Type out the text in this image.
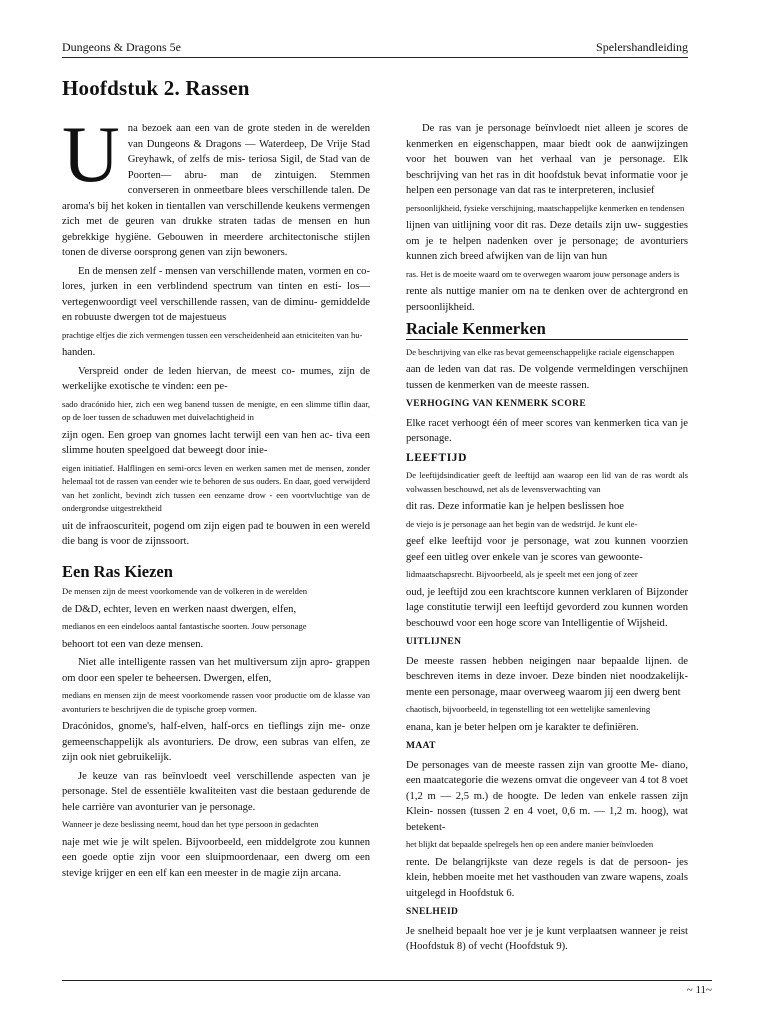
Dungeons & Dragons 5e	Spelershandleiding
Hoofdstuk 2. Rassen
U na bezoek aan een van de grote steden in de werelden van Dungeons & Dragons — Waterdeep, De Vrije Stad Greyhawk, of zelfs de mis- teriosa Sigil, de Stad van de Poorten— abru- man de zintuigen. Stemmen converseren in onmeetbare blees verschillende talen. De aroma's bij het koken in tientallen van verschillende keukens vermengen zich met de geuren van drukke straten tadas de mensen en hun gebrekkige hygiëne. Gebouwen in meerdere architectonische stijlen tonen de diverse oorsprong genen van zijn bewoners.

En de mensen zelf - mensen van verschillende maten, vormen en co- lores, jurken in een verblindend spectrum van tinten en esti- los— vertegenwoordigt veel verschillende rassen, van de diminu- gemiddelde en robuuste dwergen tot de majestueus

prachtige elfjes die zich vermengen tussen een verscheidenheid aan etniciteiten van hu-

handen.

Verspreid onder de leden hiervan, de meest co- mumes, zijn de werkelijke exotische te vinden: een pe-

sado dracónido hier, zich een weg banend tussen de menigte, en een slimme tiflin daar, op de loer tussen de schaduwen met duivelachtigheid in

zijn ogen. Een groep van gnomes lacht terwijl een van hen ac- tiva een slimme houten speelgoed dat beweegt door inie-

eigen initiatief. Halflingen en semi-orcs leven en werken samen met de mensen, zonder helemaal tot de rassen van eender wie te behoren de sus ouders. En daar, goed verwijderd van het zonlicht, bevindt zich tussen een eenzame drow - een voortvluchtige van de ondergrondse uitgestrektheid

uit de infraoscuriteit, pogend om zijn eigen pad te bouwen in een wereld die bang is voor de zijnssoort.

Een Ras Kiezen

De mensen zijn de meest voorkomende van de volkeren in de werelden

de D&D, echter, leven en werken naast dwergen, elfen,

medianos en een eindeloos aantal fantastische soorten. Jouw personage

behoort tot een van deze mensen.

Niet alle intelligente rassen van het multiversum zijn apro- grappen om door een speler te beheersen. Dwergen, elfen,

medians en mensen zijn de meest voorkomende rassen voor productie om de klasse van avonturiers te beschrijven die de typische groep vormen.

Dracónidos, gnome's, half-elven, half-orcs en tieflings zijn me- onze gemeenschappelijk als avonturiers. De drow, een subras van elfen, ze zijn ook niet gebruikelijk.

Je keuze van ras beïnvloedt veel verschillende aspecten van je personage. Stel de essentiële kwaliteiten vast die bestaan gedurende de hele carrière van avonturier van je personage.

Wanneer je deze beslissing neemt, houd dan het type persoon in gedachten

naje met wie je wilt spelen. Bijvoorbeeld, een middelgrote zou kunnen een goede optie zijn voor een sluipmoordenaar, een dwerg om een stevige krijger en een elf kan een meester in de magie zijn arcana.

De ras van je personage beïnvloedt niet alleen je scores de kenmerken en eigenschappen, maar biedt ook de aanwijzingen voor het bouwen van het verhaal van je personage. Elk beschrijving van het ras in dit hoofdstuk bevat informatie voor je helpen een personage van dat ras te interpreteren, inclusief

persoonlijkheid, fysieke verschijning, maatschappelijke kenmerken en tendensen

lijnen van uitlijning voor dit ras. Deze details zijn uw- suggesties om je te helpen nadenken over je personage; de avonturiers kunnen zich breed afwijken van de lijn van hun

ras. Het is de moeite waard om te overwegen waarom jouw personage anders is

rente als nuttige manier om na te denken over de achtergrond en persoonlijkheid.

Raciale Kenmerken

De beschrijving van elke ras bevat gemeenschappelijke raciale eigenschappen

aan de leden van dat ras. De volgende vermeldingen verschijnen tussen de kenmerken van de meeste rassen.

VERHOGING VAN KENMERK SCORE

Elke racet verhoogt één of meer scores van kenmerken tica van je personage.

LEEFTIJD

De leeftijdsindicatier geeft de leeftijd aan waarop een lid van de ras wordt als volwassen beschouwd, net als de levensverwachting van

dit ras. Deze informatie kan je helpen beslissen hoe

de viejo is je personage aan het begin van de wedstrijd. Je kunt ele-

geef elke leeftijd voor je personage, wat zou kunnen voorzien geef een uitleg over enkele van je scores van gewoonte-

lidmaatschapsrecht. Bijvoorbeeld, als je speelt met een jong of zeer

oud, je leeftijd zou een krachtscore kunnen verklaren of Bijzonder lage constitutie terwijl een leeftijd gevorderd zou kunnen worden beschouwd voor een hoge score van Intelligentie of Wijsheid.

UITLIJNEN

De meeste rassen hebben neigingen naar bepaalde lijnen. de beschreven items in deze invoer. Deze binden niet noodzakelijk- mente een personage, maar overweeg waarom jij een dwerg bent

chaotisch, bijvoorbeeld, in tegenstelling tot een wettelijke samenleving

enana, kan je beter helpen om je karakter te definiëren.

MAAT

De personages van de meeste rassen zijn van grootte Me- diano, een maatcategorie die wezens omvat die ongeveer van 4 tot 8 voet (1,2 m — 2,5 m.) de hoogte. De leden van enkele rassen zijn Klein- nossen (tussen 2 en 4 voet, 0,6 m. — 1,2 m. hoog), wat betekent-

het blijkt dat bepaalde spelregels hen op een andere manier beïnvloeden

rente. De belangrijkste van deze regels is dat de persoon- jes klein, hebben moeite met het vasthouden van zware wapens, zoals uitgelegd in Hoofdstuk 6.

SNELHEID

Je snelheid bepaalt hoe ver je je kunt verplaatsen wanneer je reist (Hoofdstuk 8) of vecht (Hoofdstuk 9).

~ 11~
